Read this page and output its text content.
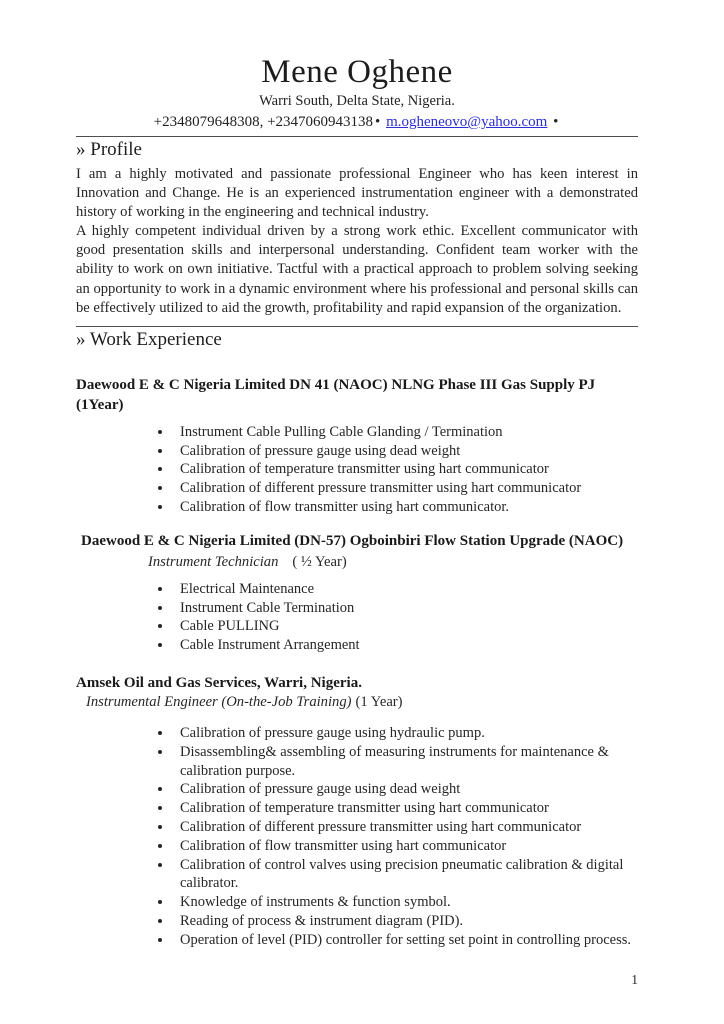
Mene Oghene
Warri South, Delta State, Nigeria.
+2348079648308, +2347060943138 • m.ogheneovo@yahoo.com •
» Profile

I am a highly motivated and passionate professional Engineer who has keen interest in Innovation and Change. He is an experienced instrumentation engineer with a demonstrated history of working in the engineering and technical industry.

A highly competent individual driven by a strong work ethic. Excellent communicator with good presentation skills and interpersonal understanding. Confident team worker with the ability to work on own initiative. Tactful with a practical approach to problem solving seeking an opportunity to work in a dynamic environment where his professional and personal skills can be effectively utilized to aid the growth, profitability and rapid expansion of the organization.

» Work Experience

Daewood E & C Nigeria Limited DN 41 (NAOC) NLNG Phase III Gas Supply PJ (1Year)

• Instrument Cable Pulling Cable Glanding / Termination
• Calibration of pressure gauge using dead weight
• Calibration of temperature transmitter using hart communicator
• Calibration of different pressure transmitter using hart communicator
• Calibration of flow transmitter using hart communicator.

Daewood E & C Nigeria Limited (DN-57) Ogboinbiri Flow Station Upgrade (NAOC)

Instrument Technician ( ½ Year)

• Electrical Maintenance
• Instrument Cable Termination
• Cable PULLING
• Cable Instrument Arrangement

Amsek Oil and Gas Services, Warri, Nigeria.

Instrumental Engineer (On-the-Job Training) (1 Year)

• Calibration of pressure gauge using hydraulic pump.
• Disassembling& assembling of measuring instruments for maintenance & calibration purpose.
• Calibration of pressure gauge using dead weight
• Calibration of temperature transmitter using hart communicator
• Calibration of different pressure transmitter using hart communicator
• Calibration of flow transmitter using hart communicator
• Calibration of control valves using precision pneumatic calibration & digital calibrator.
• Knowledge of instruments & function symbol.
• Reading of process & instrument diagram (PID).
• Operation of level (PID) controller for setting set point in controlling process.
1
